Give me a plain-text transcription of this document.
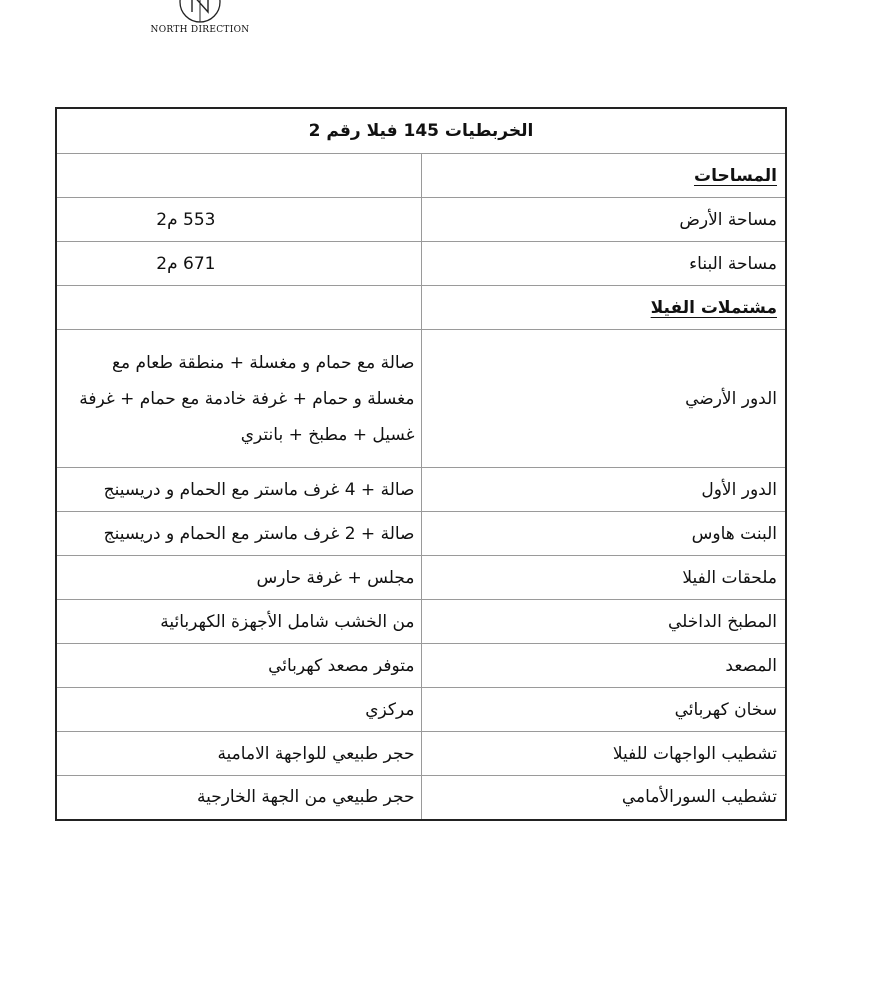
NORTH DIRECTION
الخربطيات 145 فيلا رقم 2	
المساحات	
مساحة الأرض	553 م2
مساحة البناء	671 م2
مشتملات الفيلا	
الدور الأرضي	صالة مع حمام و مغسلة + منطقة طعام مع مغسلة و حمام + غرفة خادمة مع حمام + غرفة غسيل + مطبخ + بانتري
الدور الأول	صالة + 4 غرف ماستر مع الحمام و دريسينج
البنت هاوس	صالة + 2 غرف ماستر مع الحمام و دريسينج
ملحقات الفيلا	مجلس + غرفة حارس
المطبخ الداخلي	من الخشب شامل الأجهزة الكهربائية
المصعد	متوفر مصعد كهربائي
سخان كهربائي	مركزي
تشطيب الواجهات للفيلا	حجر طبيعي للواجهة الامامية
تشطيب السورالأمامي	حجر طبيعي من الجهة الخارجية
